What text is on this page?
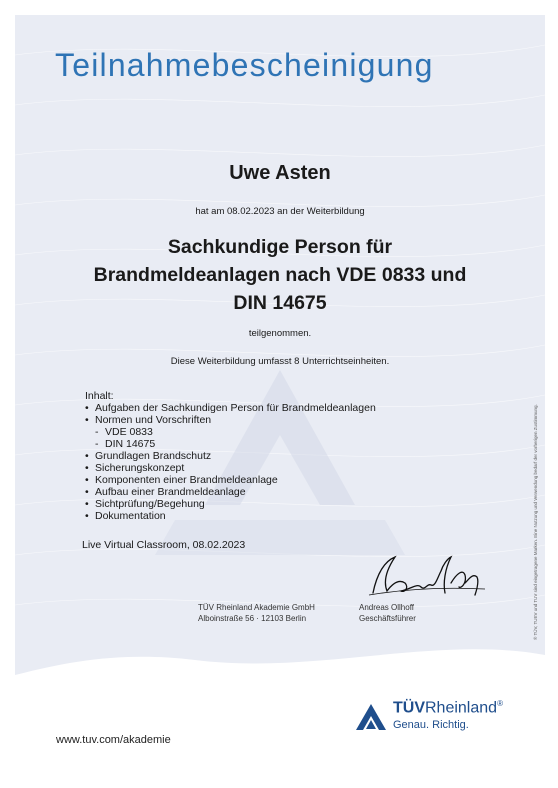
Teilnahmebescheinigung
Uwe Asten
hat am 08.02.2023 an der Weiterbildung
Sachkundige Person für
Brandmeldeanlagen nach VDE 0833 und
DIN 14675
teilgenommen.
Diese Weiterbildung umfasst 8 Unterrichtseinheiten.
Inhalt:
• Aufgaben der Sachkundigen Person für Brandmeldeanlagen
• Normen und Vorschriften
- VDE 0833
- DIN 14675
• Grundlagen Brandschutz
• Sicherungskonzept
• Komponenten einer Brandmeldeanlage
• Aufbau einer Brandmeldeanlage
• Sichtprüfung/Begehung
• Dokumentation
Live Virtual Classroom, 08.02.2023
TÜV Rheinland Akademie GmbH
Alboinstraße 56 · 12103 Berlin
Andreas Ollhoff
Geschäftsführer	® TÜV, TUEV und TUV sind eingetragene Marken. Eine Nutzung und Verwendung bedarf der vorherigen Zustimmung.
www.tuv.com/akademie
TÜVRheinland®
Genau. Richtig.
